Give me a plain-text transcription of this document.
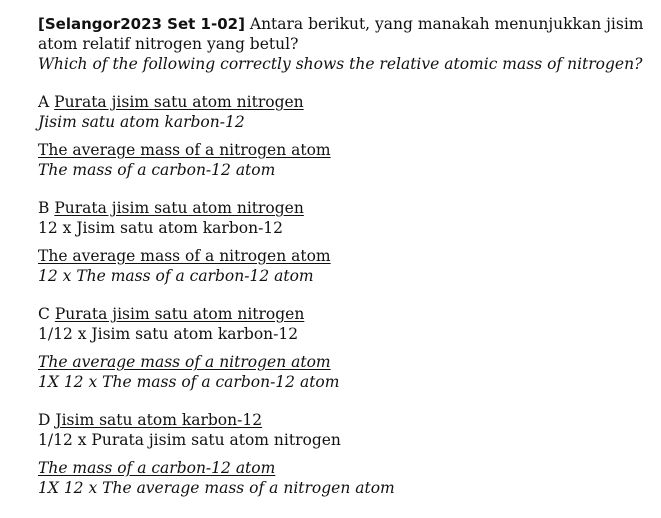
[Selangor2023 Set 1-02] Antara berikut, yang manakah menunjukkan jisim atom relatif nitrogen yang betul?
Which of the following correctly shows the relative atomic mass of nitrogen?

A Purata jisim satu atom nitrogen
Jisim satu atom karbon-12
The average mass of a nitrogen atom
The mass of a carbon-12 atom
B Purata jisim satu atom nitrogen
12 x Jisim satu atom karbon-12
The average mass of a nitrogen atom
12 x The mass of a carbon-12 atom
C Purata jisim satu atom nitrogen
1/12 x Jisim satu atom karbon-12
The average mass of a nitrogen atom
1X 12 x The mass of a carbon-12 atom
D Jisim satu atom karbon-12
1/12 x Purata jisim satu atom nitrogen
The mass of a carbon-12 atom
1X 12 x The average mass of a nitrogen atom
